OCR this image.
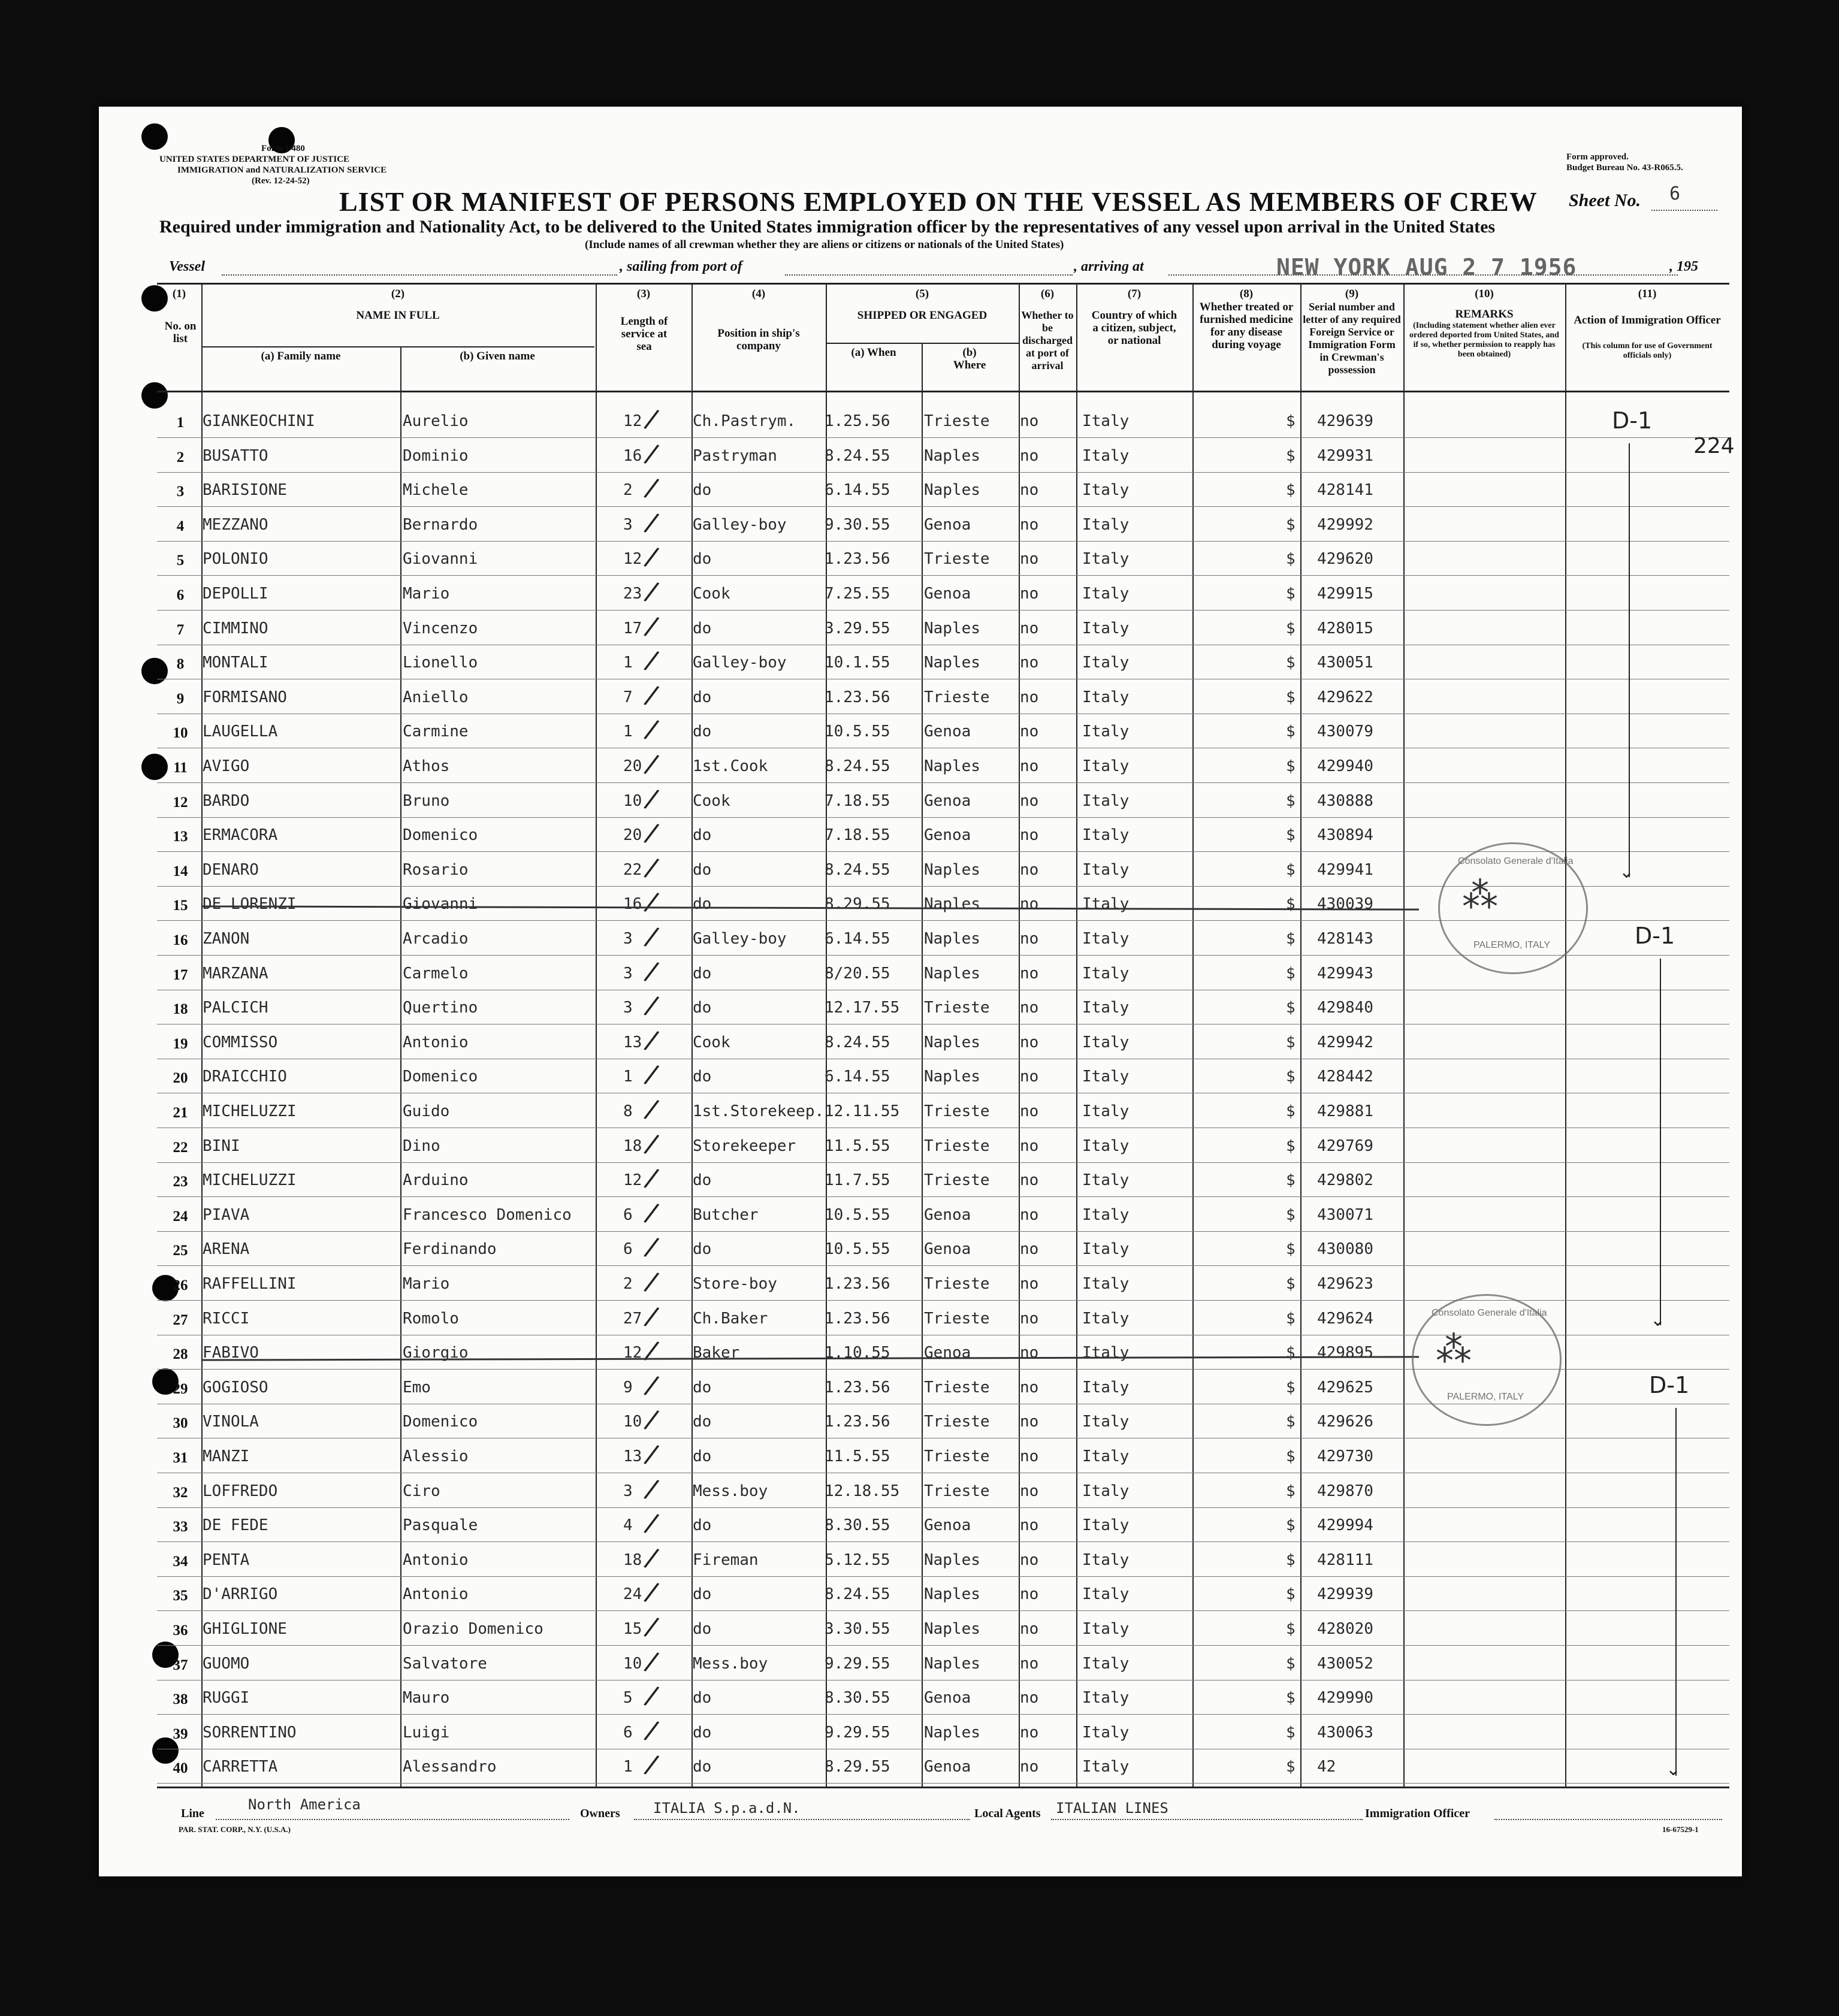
Form I-480
UNITED STATES DEPARTMENT OF JUSTICE
IMMIGRATION and NATURALIZATION SERVICE
(Rev. 12-24-52)
Form approved.
Budget Bureau No. 43-R065.5.
LIST OR MANIFEST OF PERSONS EMPLOYED ON THE VESSEL AS MEMBERS OF CREW Sheet No. 6
Required under immigration and Nationality Act, to be delivered to the United States immigration officer by the representatives of any vessel upon arrival in the United States
(Include names of all crewman whether they are aliens or citizens or nationals of the United States)
Vessel	, sailing from port of	, arriving at	NEW YORK AUG 2 7 1956	, 195
(1)
No. on list
(2)
NAME IN FULL
(a) Family name	(b) Given name
(3)
Length of service at sea
(4)
Position in ship's company
(5)
SHIPPED OR ENGAGED
(a) When	(b) Where
(6)
Whether to be discharged at port of arrival
(7)
Country of which a citizen, subject, or national
(8)
Whether treated or furnished medicine for any disease during voyage
(9)
Serial number and letter of any required Foreign Service or Immigration Form in Crewman's possession
(10)
REMARKS
(Including statement whether alien ever ordered deported from United States, and if so, whether permission to reapply has been obtained)
(11)
Action of Immigration Officer
(This column for use of Government officials only)
1	GIANKEOCHINI	Aurelio	12	Ch.Pastrym. 1.25.56 Trieste no	Italy	429639
$
/
2	BUSATTO	Dominio	16	Pastryman	8.24.55 Naples	no	Italy	429931
$
/
3	BARISIONE	Michele	2	do	6.14.55 Naples	no	Italy	428141
$
/
4	MEZZANO	Bernardo	3	Galley-boy 9.30.55 Genoa	no	Italy	429992
$
/
5	POLONIO	Giovanni	12	do	1.23.56 Trieste no	Italy	429620
$
/
6	DEPOLLI	Mario	23	Cook	7.25.55 Genoa	no	Italy	429915
$
/
7	CIMMINO	Vincenzo	17	do	3.29.55 Naples	no	Italy	428015
$
/
8	MONTALI	Lionello	1	Galley-boy 10.1.55 Naples	no	Italy	430051
$
/
9	FORMISANO	Aniello	7	do	1.23.56 Trieste no	Italy	429622
$
/
10 LAUGELLA	Carmine	1	do	10.5.55 Genoa	no	Italy	430079
$
/
11 AVIGO	Athos	20	1st.Cook	8.24.55 Naples	no	Italy	429940
$
/
12 BARDO	Bruno	10	Cook	7.18.55 Genoa	no	Italy	430888
$
/
13 ERMACORA	Domenico	20	do	7.18.55 Genoa	no	Italy	430894
$
/
14 DENARO	Rosario	22	do	8.24.55 Naples	no	Italy	429941
$
/
15 DE LORENZI	Giovanni	16	do	8.29.55 Naples	no	Italy	430039
$
/
16 ZANON	Arcadio	3	Galley-boy 6.14.55 Naples	no	Italy	428143
$
/
17 MARZANA	Carmelo	3	do	8/20.55 Naples	no	Italy	429943
$
/
18 PALCICH	Quertino	3	do	12.17.55 Trieste no	Italy	429840
$
/
19 COMMISSO	Antonio	13	Cook	8.24.55 Naples	no	Italy	429942
$
/
20 DRAICCHIO	Domenico	1	do	6.14.55 Naples	no	Italy	428442
$
/
21 MICHELUZZI	Guido	8	1st.Storekeep. 12.11.55 Trieste no	Italy	429881
$
/
22 BINI	Dino	18	Storekeeper 11.5.55 Trieste no	Italy	429769
$
/
23 MICHELUZZI	Arduino	12	do	11.7.55 Trieste no	Italy	429802
$
/
24 PIAVA	Francesco Domenico	6	Butcher	10.5.55 Genoa	no	Italy	430071
$
/
25 ARENA	Ferdinando	6	do	10.5.55 Genoa	no	Italy	430080
$
/
26 RAFFELLINI	Mario	2	Store-boy	1.23.56 Trieste no	Italy	429623
$
/
27 RICCI	Romolo	27	Ch.Baker	1.23.56 Trieste no	Italy	429624
$
/
28 FABIVO	Giorgio	12	Baker	1.10.55 Genoa	no	Italy	429895
$
/
29 GOGIOSO	Emo	9	do	1.23.56 Trieste no	Italy	429625
$
/
30 VINOLA	Domenico	10	do	1.23.56 Trieste no	Italy	429626
$
/
31 MANZI	Alessio	13	do	11.5.55 Trieste no	Italy	429730
$
/
32 LOFFREDO	Ciro	3	Mess.boy	12.18.55 Trieste no	Italy	429870
$
/
33 DE FEDE	Pasquale	4	do	8.30.55 Genoa	no	Italy	429994
$
/
34 PENTA	Antonio	18	Fireman	5.12.55 Naples	no	Italy	428111
$
/
35 D'ARRIGO	Antonio	24	do	8.24.55 Naples	no	Italy	429939
$
/
36 GHIGLIONE	Orazio Domenico	15	do	3.30.55 Naples	no	Italy	428020
$
/
37 GUOMO	Salvatore	10	Mess.boy	9.29.55 Naples	no	Italy	430052
$
/
38 RUGGI	Mauro	5	do	8.30.55 Genoa	no	Italy	429990
$
/
39 SORRENTINO	Luigi	6	do	9.29.55 Naples	no	Italy	430063
$
/
40 CARRETTA	Alessandro	1	do	8.29.55 Genoa	no	Italy	42
$
/
D-1
224
⌄
D-1
⌄
D-1
⌄
Consolato Generale d'Italia
PALERMO, ITALY
⁂
Consolato Generale d'Italia
PALERMO, ITALY
⁂
Line
North America
Owners ITALIA S.p.a.d.N.	Local Agents ITALIAN LINES	Immigration Officer
PAR. STAT. CORP., N.Y. (U.S.A.)	16-67529-1
